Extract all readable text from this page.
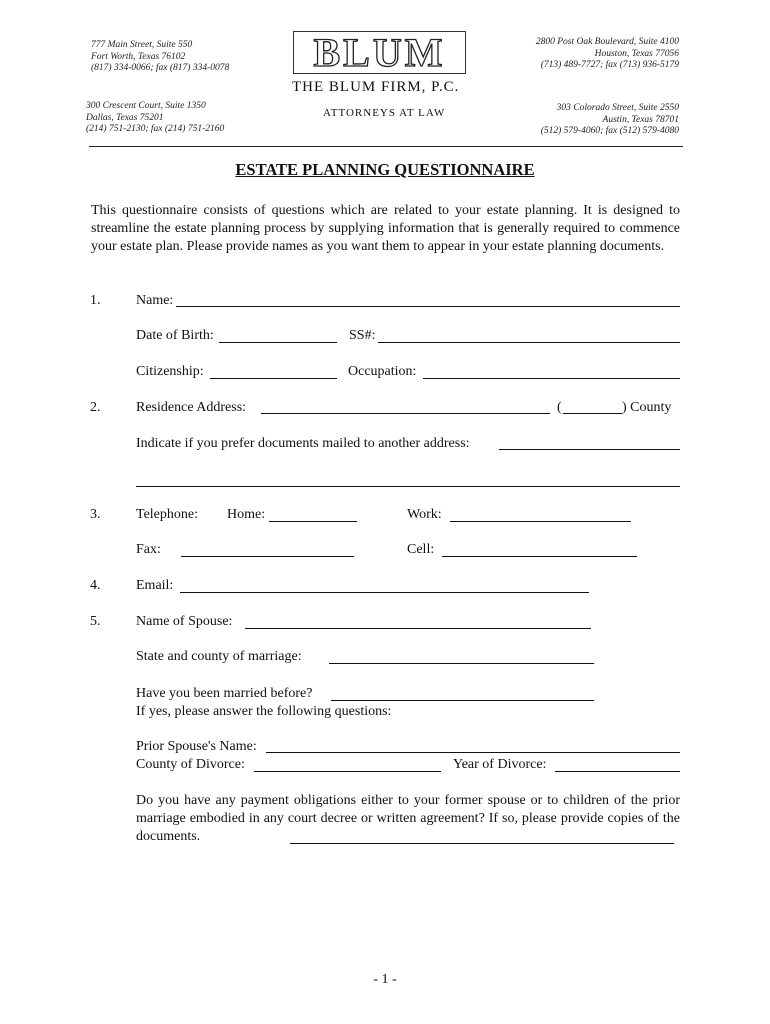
777 Main Street, Suite 550
Fort Worth, Texas 76102
(817) 334-0066; fax (817) 334-0078
300 Crescent Court, Suite 1350
Dallas, Texas 75201
(214) 751-2130; fax (214) 751-2160
2800 Post Oak Boulevard, Suite 4100
Houston, Texas 77056
(713) 489-7727; fax (713) 936-5179
303 Colorado Street, Suite 2550
Austin, Texas 78701
(512) 579-4060; fax (512) 579-4080
BLUM
THE BLUM FIRM, P.C.
ATTORNEYS AT LAW
ESTATE PLANNING QUESTIONNAIRE
This questionnaire consists of questions which are related to your estate planning. It is designed to streamline the estate planning process by supplying information that is generally required to commence your estate plan. Please provide names as you want them to appear in your estate planning documents.
1.	Name:
Date of Birth:	SS#:
Citizenship:	Occupation:
2.	Residence Address:	(	) County
Indicate if you prefer documents mailed to another address:
3.	Telephone: Home:	Work:
Fax:	Cell:
4.	Email:
5.	Name of Spouse:
State and county of marriage:
Have you been married before?
If yes, please answer the following questions:
Prior Spouse's Name:
County of Divorce:	Year of Divorce:
Do you have any payment obligations either to your former spouse or to children of the prior marriage embodied in any court decree or written agreement? If so, please provide copies of the documents.
- 1 -
